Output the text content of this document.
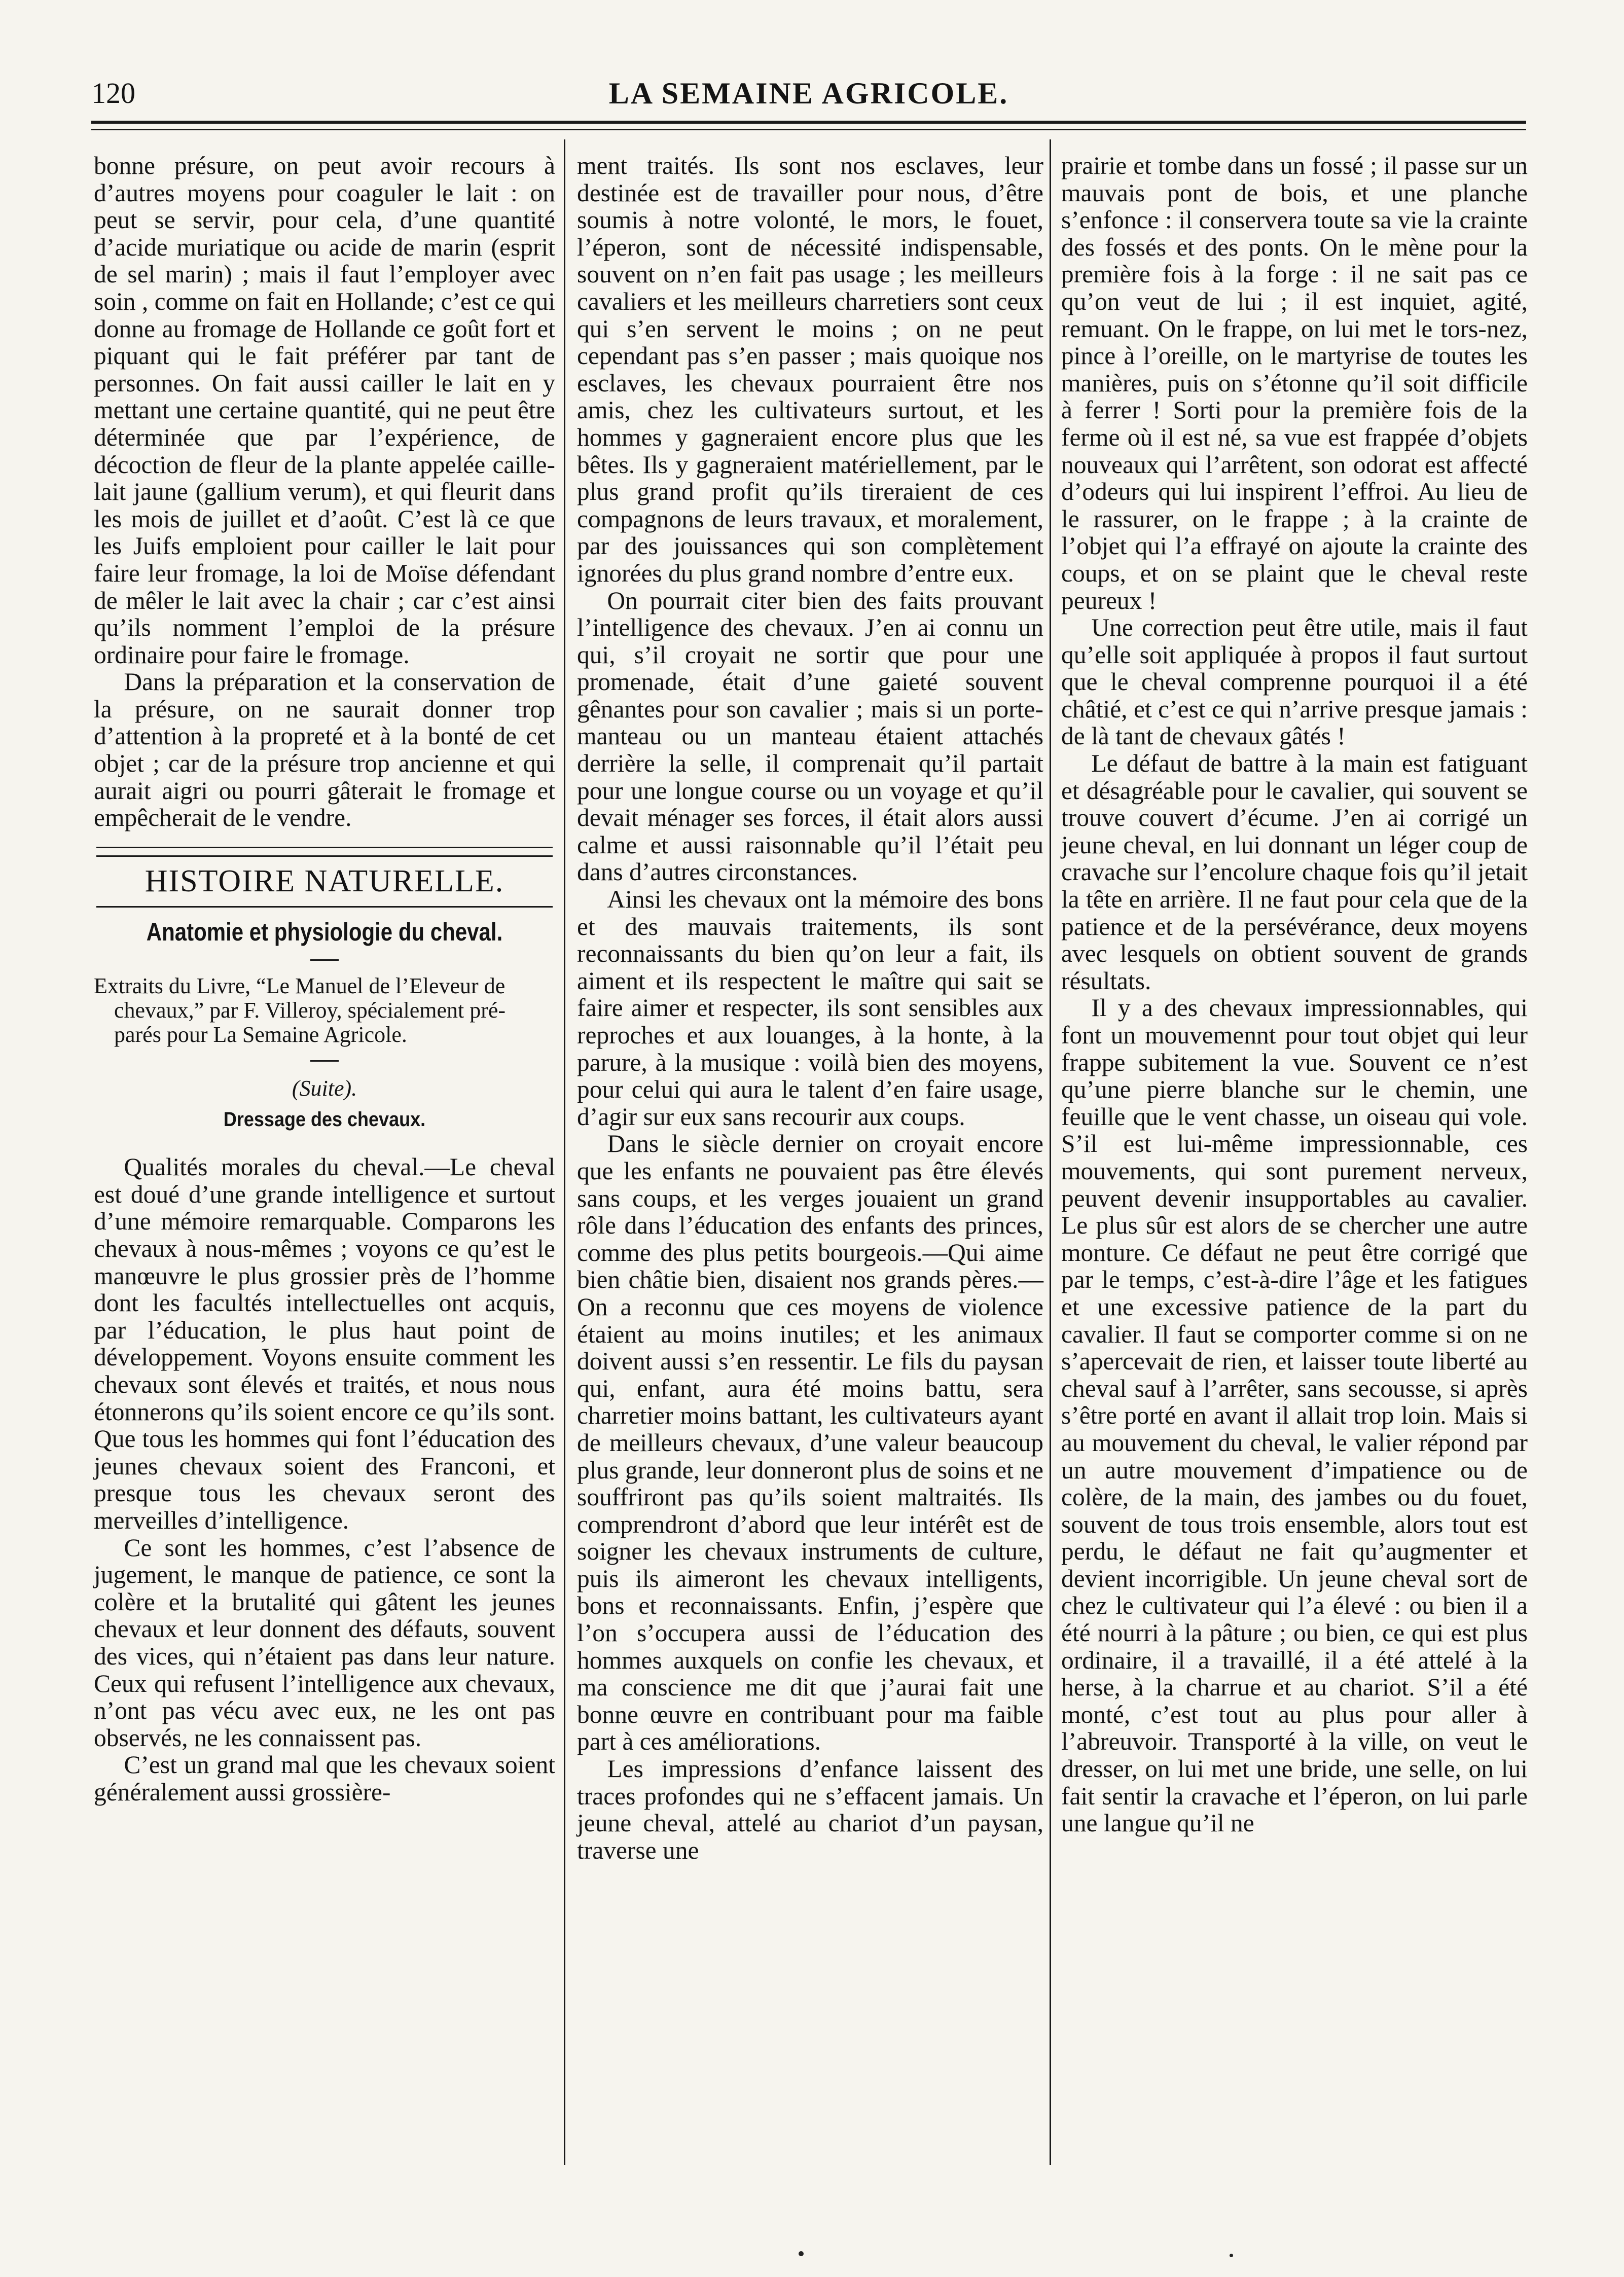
120	LA SEMAINE AGRICOLE.

bonne présure, on peut avoir recours à d’autres moyens pour coaguler le lait : on peut se servir, pour cela, d’une quantité d’acide muriatique ou acide de marin (esprit de sel marin) ; mais il faut l’employer avec soin , comme on fait en Hollande; c’est ce qui donne au fromage de Hollande ce goût fort et piquant qui le fait préférer par tant de personnes. On fait aussi cailler le lait en y mettant une certaine quantité, qui ne peut être déterminée que par l’expérience, de décoction de fleur de la plante appelée caille-lait jaune (gallium verum), et qui fleurit dans les mois de juillet et d’août. C’est là ce que les Juifs emploient pour cailler le lait pour faire leur fromage, la loi de Moïse défendant de mêler le lait avec la chair ; car c’est ainsi qu’ils nomment l’emploi de la présure ordinaire pour faire le fromage.

Dans la préparation et la conservation de la présure, on ne saurait donner trop d’attention à la propreté et à la bonté de cet objet ; car de la présure trop ancienne et qui aurait aigri ou pourri gâterait le fromage et empêcherait de le vendre.

HISTOIRE NATURELLE.
Anatomie et physiologie du cheval.
Extraits du Livre, “Le Manuel de l’Eleveur de
chevaux,” par F. Villeroy, spécialement pré-
parés pour La Semaine Agricole.
(Suite).
Dressage des chevaux.

Qualités morales du cheval.—Le cheval est doué d’une grande intelligence et surtout d’une mémoire remarquable. Comparons les chevaux à nous-mêmes ; voyons ce qu’est le manœuvre le plus grossier près de l’homme dont les facultés intellectuelles ont acquis, par l’éducation, le plus haut point de développement. Voyons ensuite comment les chevaux sont élevés et traités, et nous nous étonnerons qu’ils soient encore ce qu’ils sont. Que tous les hommes qui font l’éducation des jeunes chevaux soient des Franconi, et presque tous les chevaux seront des merveilles d’intelligence.

Ce sont les hommes, c’est l’absence de jugement, le manque de patience, ce sont la colère et la brutalité qui gâtent les jeunes chevaux et leur donnent des défauts, souvent des vices, qui n’étaient pas dans leur nature. Ceux qui refusent l’intelligence aux chevaux, n’ont pas vécu avec eux, ne les ont pas observés, ne les connaissent pas.

C’est un grand mal que les chevaux soient généralement aussi grossière-

ment traités. Ils sont nos esclaves, leur destinée est de travailler pour nous, d’être soumis à notre volonté, le mors, le fouet, l’éperon, sont de nécessité indispensable, souvent on n’en fait pas usage ; les meilleurs cavaliers et les meilleurs charretiers sont ceux qui s’en servent le moins ; on ne peut cependant pas s’en passer ; mais quoique nos esclaves, les chevaux pourraient être nos amis, chez les cultivateurs surtout, et les hommes y gagneraient encore plus que les bêtes. Ils y gagneraient matériellement, par le plus grand profit qu’ils tireraient de ces compagnons de leurs travaux, et moralement, par des jouissances qui son complètement ignorées du plus grand nombre d’entre eux.

On pourrait citer bien des faits prouvant l’intelligence des chevaux. J’en ai connu un qui, s’il croyait ne sortir que pour une promenade, était d’une gaieté souvent gênantes pour son cavalier ; mais si un porte-manteau ou un manteau étaient attachés derrière la selle, il comprenait qu’il partait pour une longue course ou un voyage et qu’il devait ménager ses forces, il était alors aussi calme et aussi raisonnable qu’il l’était peu dans d’autres circonstances.

Ainsi les chevaux ont la mémoire des bons et des mauvais traitements, ils sont reconnaissants du bien qu’on leur a fait, ils aiment et ils respectent le maître qui sait se faire aimer et respecter, ils sont sensibles aux reproches et aux louanges, à la honte, à la parure, à la musique : voilà bien des moyens, pour celui qui aura le talent d’en faire usage, d’agir sur eux sans recourir aux coups.

Dans le siècle dernier on croyait encore que les enfants ne pouvaient pas être élevés sans coups, et les verges jouaient un grand rôle dans l’éducation des enfants des princes, comme des plus petits bourgeois.—Qui aime bien châtie bien, disaient nos grands pères.—On a reconnu que ces moyens de violence étaient au moins inutiles; et les animaux doivent aussi s’en ressentir. Le fils du paysan qui, enfant, aura été moins battu, sera charretier moins battant, les cultivateurs ayant de meilleurs chevaux, d’une valeur beaucoup plus grande, leur donneront plus de soins et ne souffriront pas qu’ils soient maltraités. Ils comprendront d’abord que leur intérêt est de soigner les chevaux instruments de culture, puis ils aimeront les chevaux intelligents, bons et reconnaissants. Enfin, j’espère que l’on s’occupera aussi de l’éducation des hommes auxquels on confie les chevaux, et ma conscience me dit que j’aurai fait une bonne œuvre en contribuant pour ma faible part à ces améliorations.

Les impressions d’enfance laissent des traces profondes qui ne s’effacent jamais. Un jeune cheval, attelé au chariot d’un paysan, traverse une

prairie et tombe dans un fossé ; il passe sur un mauvais pont de bois, et une planche s’enfonce : il conservera toute sa vie la crainte des fossés et des ponts. On le mène pour la première fois à la forge : il ne sait pas ce qu’on veut de lui ; il est inquiet, agité, remuant. On le frappe, on lui met le tors-nez, pince à l’oreille, on le martyrise de toutes les manières, puis on s’étonne qu’il soit difficile à ferrer ! Sorti pour la première fois de la ferme où il est né, sa vue est frappée d’objets nouveaux qui l’arrêtent, son odorat est affecté d’odeurs qui lui inspirent l’effroi. Au lieu de le rassurer, on le frappe ; à la crainte de l’objet qui l’a effrayé on ajoute la crainte des coups, et on se plaint que le cheval reste peureux !

Une correction peut être utile, mais il faut qu’elle soit appliquée à propos il faut surtout que le cheval comprenne pourquoi il a été châtié, et c’est ce qui n’arrive presque jamais : de là tant de chevaux gâtés !

Le défaut de battre à la main est fatiguant et désagréable pour le cavalier, qui souvent se trouve couvert d’écume. J’en ai corrigé un jeune cheval, en lui donnant un léger coup de cravache sur l’encolure chaque fois qu’il jetait la tête en arrière. Il ne faut pour cela que de la patience et de la persévérance, deux moyens avec lesquels on obtient souvent de grands résultats.

Il y a des chevaux impressionnables, qui font un mouvemennt pour tout objet qui leur frappe subitement la vue. Souvent ce n’est qu’une pierre blanche sur le chemin, une feuille que le vent chasse, un oiseau qui vole. S’il est lui-même impressionnable, ces mouvements, qui sont purement nerveux, peuvent devenir insupportables au cavalier. Le plus sûr est alors de se chercher une autre monture. Ce défaut ne peut être corrigé que par le temps, c’est-à-dire l’âge et les fatigues et une excessive patience de la part du cavalier. Il faut se comporter comme si on ne s’apercevait de rien, et laisser toute liberté au cheval sauf à l’arrêter, sans secousse, si après s’être porté en avant il allait trop loin. Mais si au mouvement du cheval, le valier répond par un autre mouvement d’impatience ou de colère, de la main, des jambes ou du fouet, souvent de tous trois ensemble, alors tout est perdu, le défaut ne fait qu’augmenter et devient incorrigible. Un jeune cheval sort de chez le cultivateur qui l’a élevé : ou bien il a été nourri à la pâture ; ou bien, ce qui est plus ordinaire, il a travaillé, il a été attelé à la herse, à la charrue et au chariot. S’il a été monté, c’est tout au plus pour aller à l’abreuvoir. Transporté à la ville, on veut le dresser, on lui met une bride, une selle, on lui fait sentir la cravache et l’éperon, on lui parle une langue qu’il ne
